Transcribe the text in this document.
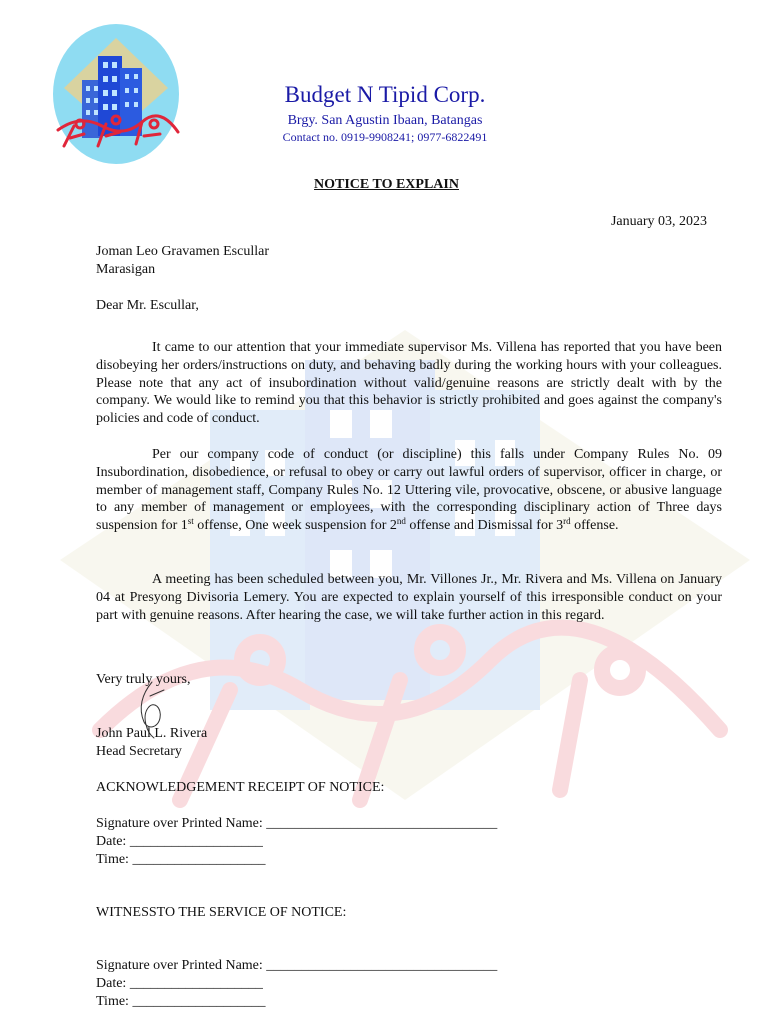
Budget N Tipid Corp.
Brgy. San Agustin Ibaan, Batangas
Contact no. 0919-9908241; 0977-6822491
NOTICE TO EXPLAIN
January 03, 2023
Joman Leo Gravamen Escullar
Marasigan
Dear Mr. Escullar,
It came to our attention that your immediate supervisor Ms. Villena has reported that you have been disobeying her orders/instructions on duty, and behaving badly during the working hours with your colleagues. Please note that any act of insubordination without valid/genuine reasons are strictly dealt with by the company. We would like to remind you that this behavior is strictly prohibited and goes against the company's policies and code of conduct.
Per our company code of conduct (or discipline) this falls under Company Rules No. 09 Insubordination, disobedience, or refusal to obey or carry out lawful orders of supervisor, officer in charge, or member of management staff, Company Rules No. 12 Uttering vile, provocative, obscene, or abusive language to any member of management or employees, with the corresponding disciplinary action of Three days suspension for 1st offense, One week suspension for 2nd offense and Dismissal for 3rd offense.
A meeting has been scheduled between you, Mr. Villones Jr., Mr. Rivera and Ms. Villena on January 04 at Presyong Divisoria Lemery. You are expected to explain yourself of this irresponsible conduct on your part with genuine reasons. After hearing the case, we will take further action in this regard.
Very truly yours,
John Paul L. Rivera
Head Secretary
ACKNOWLEDGEMENT RECEIPT OF NOTICE:
Signature over Printed Name: _________________________________
Date: ___________________
Time: ___________________
WITNESSTO THE SERVICE OF NOTICE:
Signature over Printed Name: _________________________________
Date: ___________________
Time: ___________________
